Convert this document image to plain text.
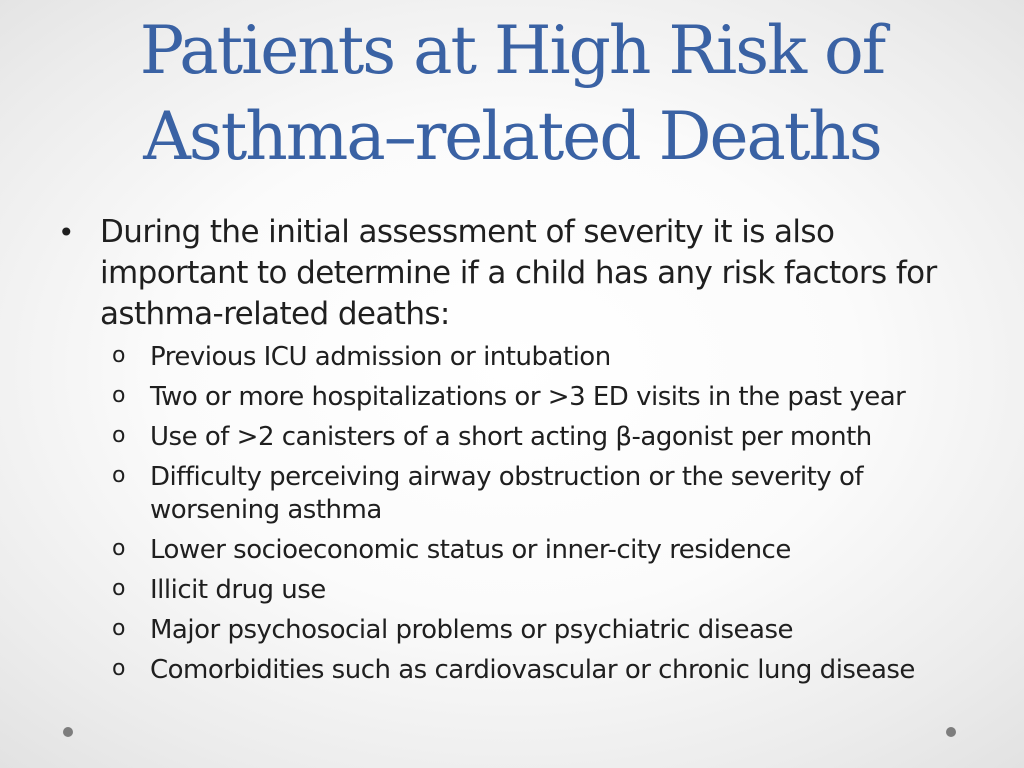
Patients at High Risk of
Asthma–related Deaths
• During the initial assessment of severity it is also important to determine if a child has any risk factors for asthma-related deaths:
o Previous ICU admission or intubation
o Two or more hospitalizations or >3 ED visits in the past year
o Use of >2 canisters of a short acting β-agonist per month
o Difficulty perceiving airway obstruction or the severity of worsening asthma
o Lower socioeconomic status or inner-city residence
o Illicit drug use
o Major psychosocial problems or psychiatric disease
o Comorbidities such as cardiovascular or chronic lung disease
